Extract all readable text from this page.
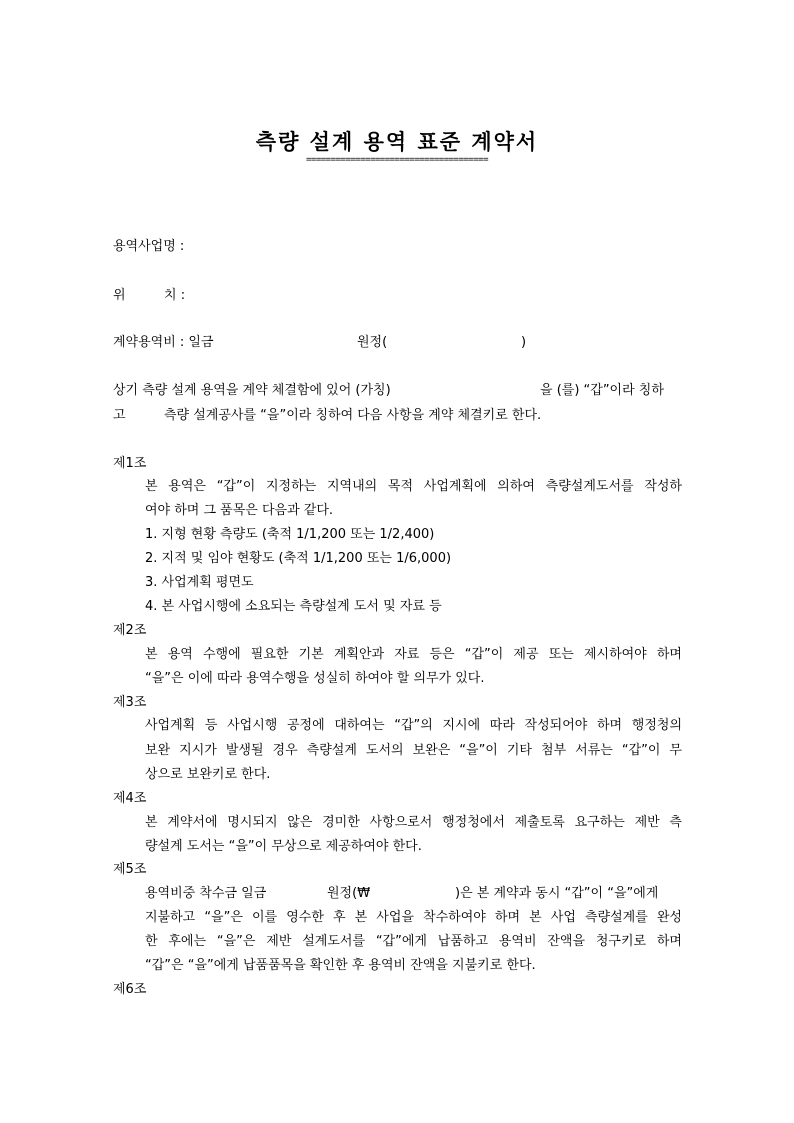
측량 설계 용역 표준 계약서
=====================================
용역사업명 :
위	치 :
계약용역비 : 일금	원정(	)
상기 측량 설계 용역을 계약 체결함에 있어 (가칭)	을 (를) “갑”이라 칭하
고	측량 설계공사를 “을”이라 칭하여 다음 사항을 계약 체결키로 한다.
제1조
본 용역은 “갑”이 지정하는 지역내의 목적 사업계획에 의하여 측량설계도서를 작성하
여야 하며 그 품목은 다음과 같다.
1. 지형 현황 측량도 (축적 1/1,200 또는 1/2,400)
2. 지적 및 임야 현황도 (축적 1/1,200 또는 1/6,000)
3. 사업계획 평면도
4. 본 사업시행에 소요되는 측량설계 도서 및 자료 등
제2조
본 용역 수행에 필요한 기본 계획안과 자료 등은 “갑”이 제공 또는 제시하여야 하며
“을”은 이에 따라 용역수행을 성실히 하여야 할 의무가 있다.
제3조
사업계획 등 사업시행 공정에 대하여는 “갑”의 지시에 따라 작성되어야 하며 행정청의
보완 지시가 발생될 경우 측량설계 도서의 보완은 “을”이 기타 첨부 서류는 “갑”이 무
상으로 보완키로 한다.
제4조
본 계약서에 명시되지 않은 경미한 사항으로서 행정청에서 제출토록 요구하는 제반 측
량설계 도서는 “을”이 무상으로 제공하여야 한다.
제5조
용역비중 착수금 일금	원정(₩	)은 본 계약과 동시 “갑”이 “을”에게
지불하고 “을”은 이를 영수한 후 본 사업을 착수하여야 하며 본 사업 측량설계를 완성
한 후에는 “을”은 제반 설계도서를 “갑”에게 납품하고 용역비 잔액을 청구키로 하며
“갑”은 “을”에게 납품품목을 확인한 후 용역비 잔액을 지불키로 한다.
제6조
